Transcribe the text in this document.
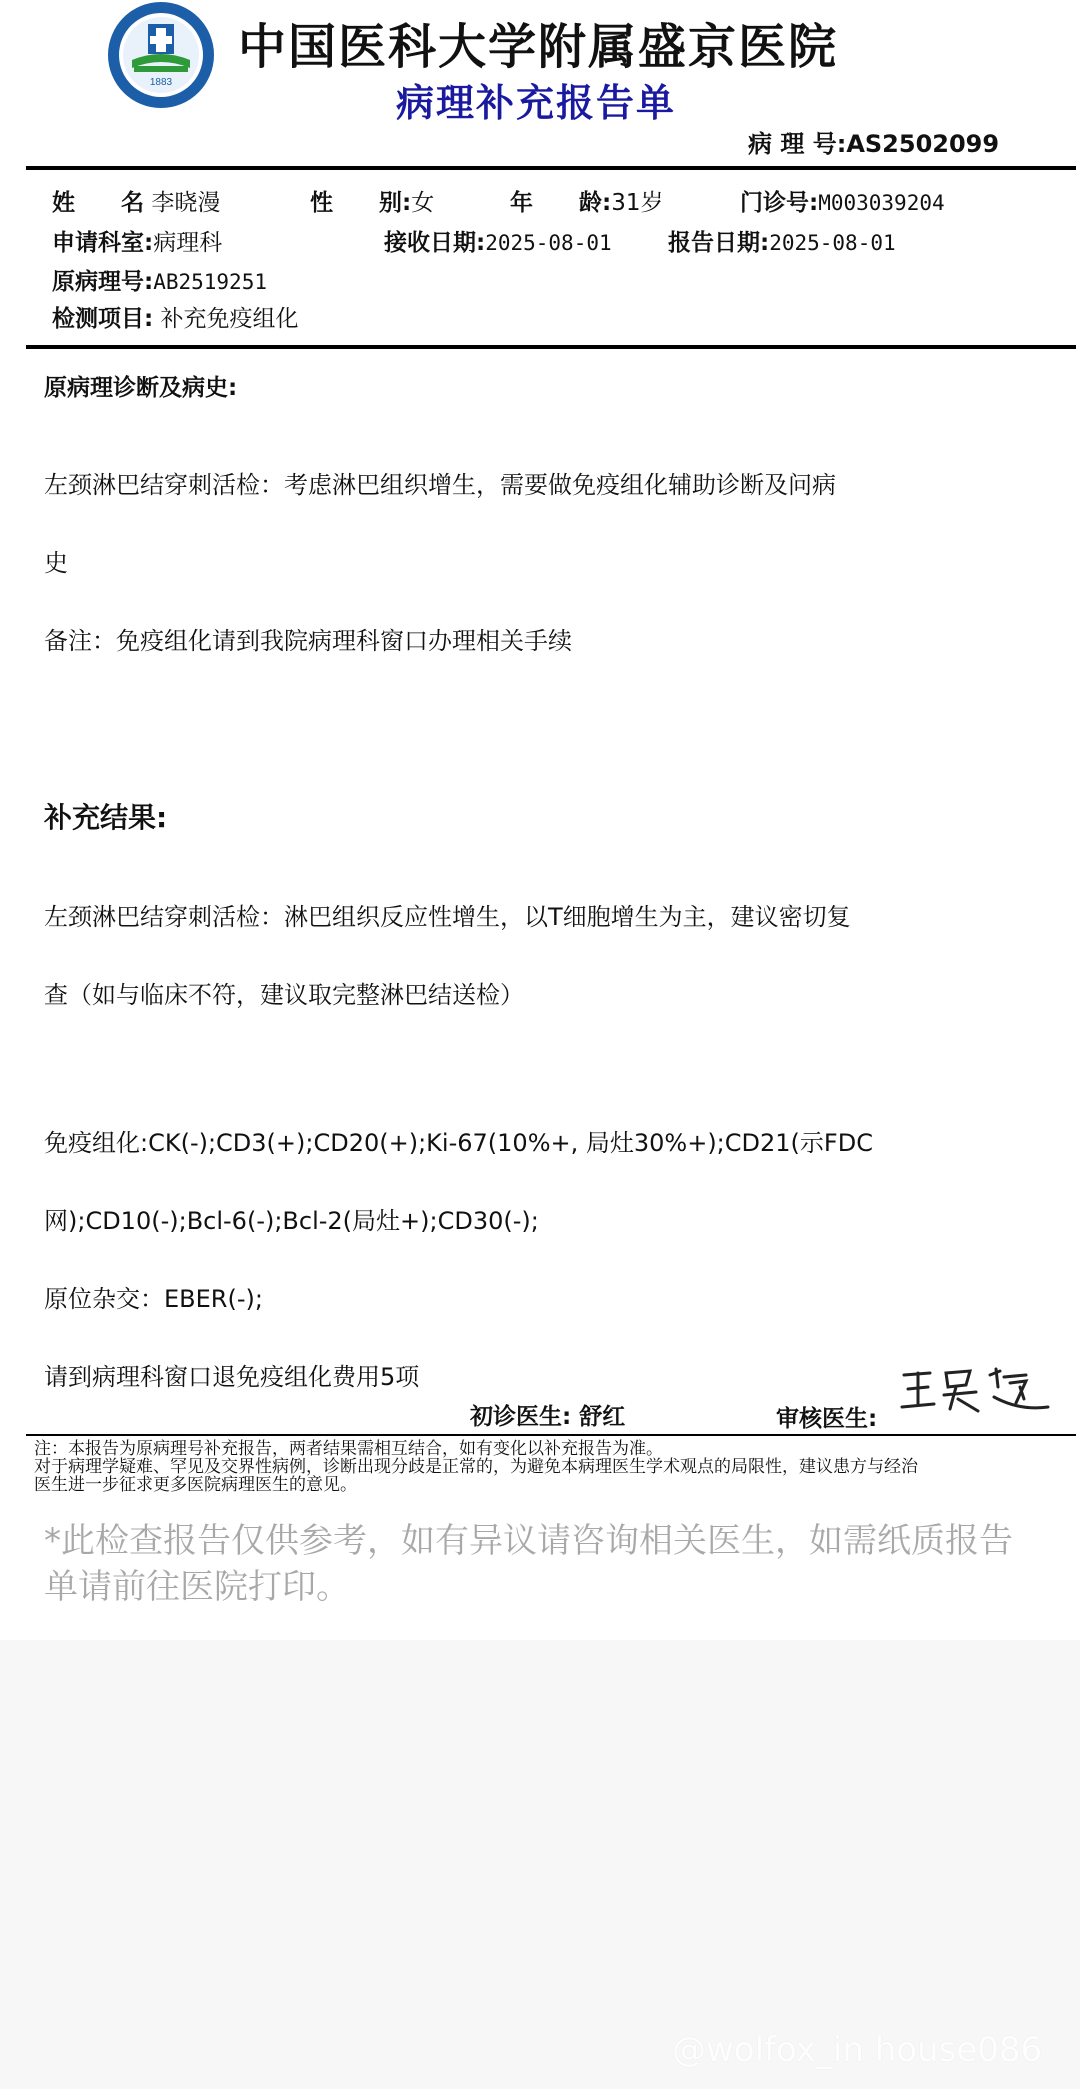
1883
中国医科大学附属盛京医院
病理补充报告单
病 理 号:AS2502099
姓　　名 李晓漫	性　　别:女	年　　龄:31岁	门诊号:M003039204
申请科室:病理科	接收日期:2025-08-01 报告日期:2025-08-01
原病理号:AB2519251
检测项目: 补充免疫组化
原病理诊断及病史:

左颈淋巴结穿刺活检：考虑淋巴组织增生，需要做免疫组化辅助诊断及问病

史

备注：免疫组化请到我院病理科窗口办理相关手续

补充结果:

左颈淋巴结穿刺活检：淋巴组织反应性增生，以T细胞增生为主，建议密切复

查（如与临床不符，建议取完整淋巴结送检）

免疫组化:CK(-);CD3(+);CD20(+);Ki-67(10%+, 局灶30%+);CD21(示FDC

网);CD10(-);Bcl-6(-);Bcl-2(局灶+);CD30(-);

原位杂交：EBER(-);

请到病理科窗口退免疫组化费用5项

初诊医生: 舒红	审核医生:
注：本报告为原病理号补充报告，两者结果需相互结合，如有变化以补充报告为准。
对于病理学疑难、罕见及交界性病例，诊断出现分歧是正常的，为避免本病理医生学术观点的局限性，建议患方与经治
医生进一步征求更多医院病理医生的意见。
*此检查报告仅供参考，如有异议请咨询相关医生，如需纸质报告单请前往医院打印。
@wolfox_in house086
